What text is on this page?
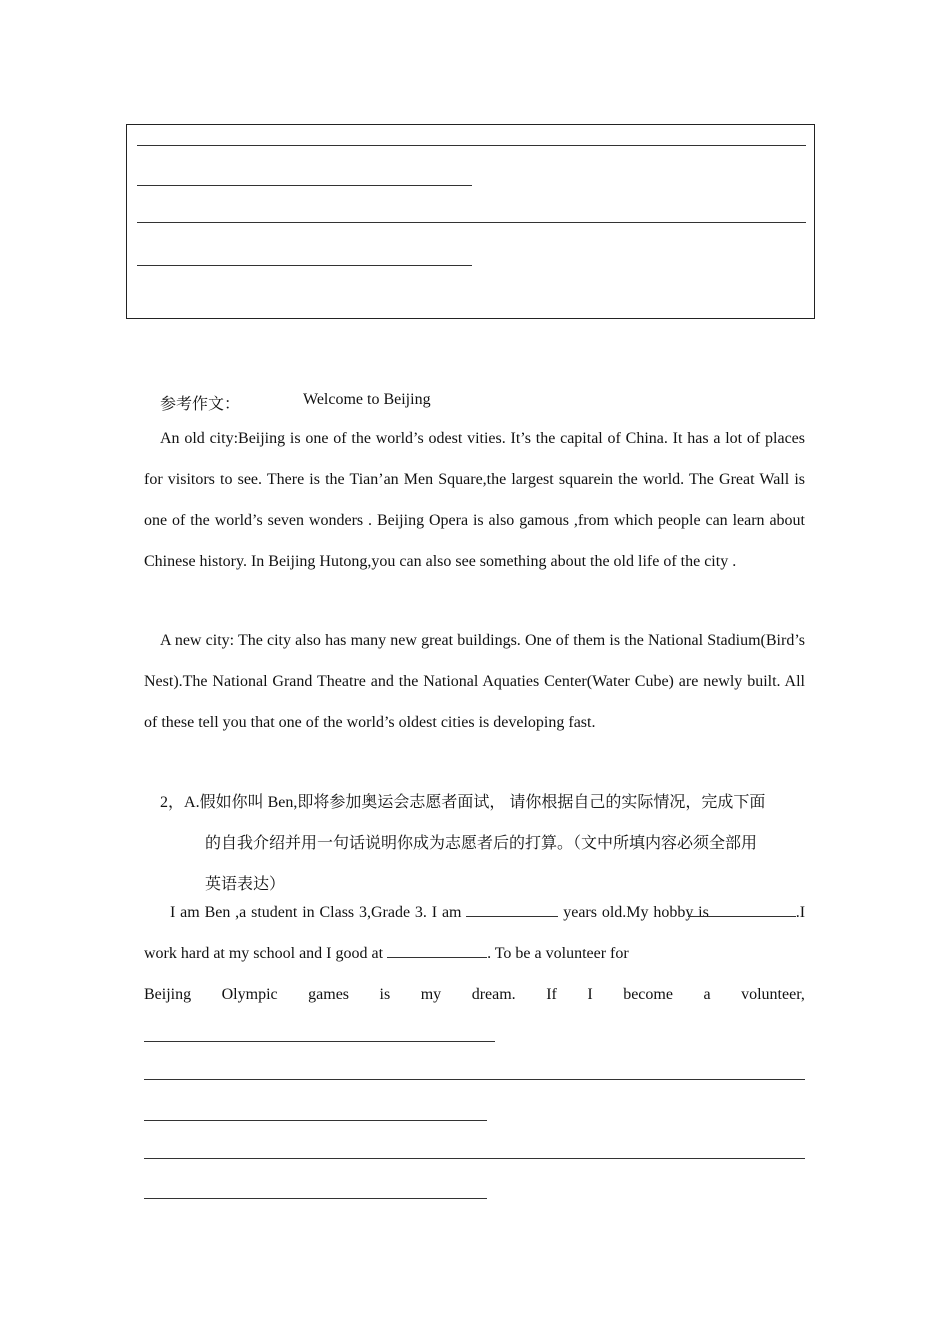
参考作文：	Welcome to Beijing

An old city:Beijing is one of the world’s odest vities. It’s the capital of China. It has a lot of places for visitors to see. There is the Tian’an Men Square,the largest squarein the world. The Great Wall is one of the world’s seven wonders . Beijing Opera is also gamous ,from which people can learn about Chinese history. In Beijing Hutong,you can also see something about the old life of the city .

A new city: The city also has many new great buildings. One of them is the National Stadium(Bird’s Nest).The National Grand Theatre and the National Aquaties Center(Water Cube) are newly built. All of these tell you that one of the world’s oldest cities is developing fast.

2，A.假如你叫 Ben,即将参加奥运会志愿者面试， 请你根据自己的实际情况，完成下面
的自我介绍并用一句话说明你成为志愿者后的打算。（文中所填内容必须全部用
英语表达）

I am Ben ,a student in Class 3,Grade 3. I am	years old.My hobby is	.I work hard at my school and I good at	. To be a volunteer for

Beijing Olympic games is my dream. If I become a volunteer,
